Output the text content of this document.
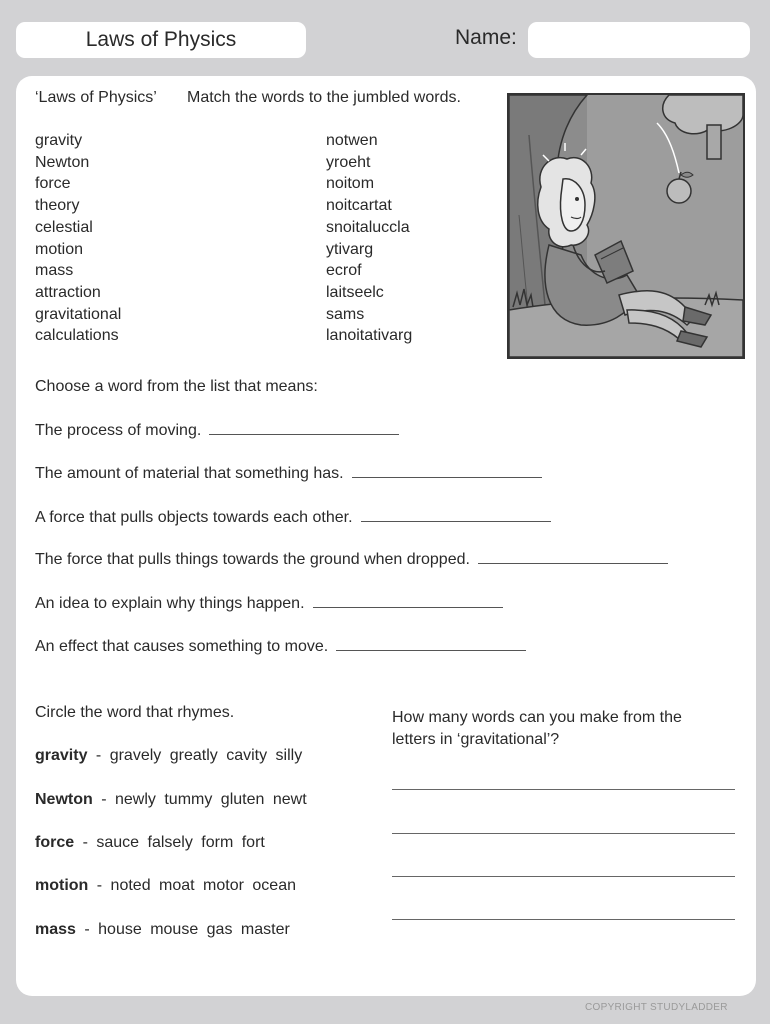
Laws of Physics	Name:
‘Laws of Physics’ Match the words to the jumbled words.
gravity
Newton
force
theory
celestial
motion
mass
attraction
gravitational
calculations
notwen
yroeht
noitom
noitcartat
snoitaluccla
ytivarg
ecrof
laitseelc
sams
lanoitativarg
Choose a word from the list that means:
The process of moving.
The amount of material that something has.
A force that pulls objects towards each other.
The force that pulls things towards the ground when dropped.
An idea to explain why things happen.
An effect that causes something to move.
Circle the word that rhymes.
gravity - gravely greatly cavity silly
Newton - newly tummy gluten newt
force - sauce falsely form fort
motion - noted moat motor ocean
mass - house mouse gas master
How many words can you make from the
letters in ‘gravitational’?
COPYRIGHT STUDYLADDER
